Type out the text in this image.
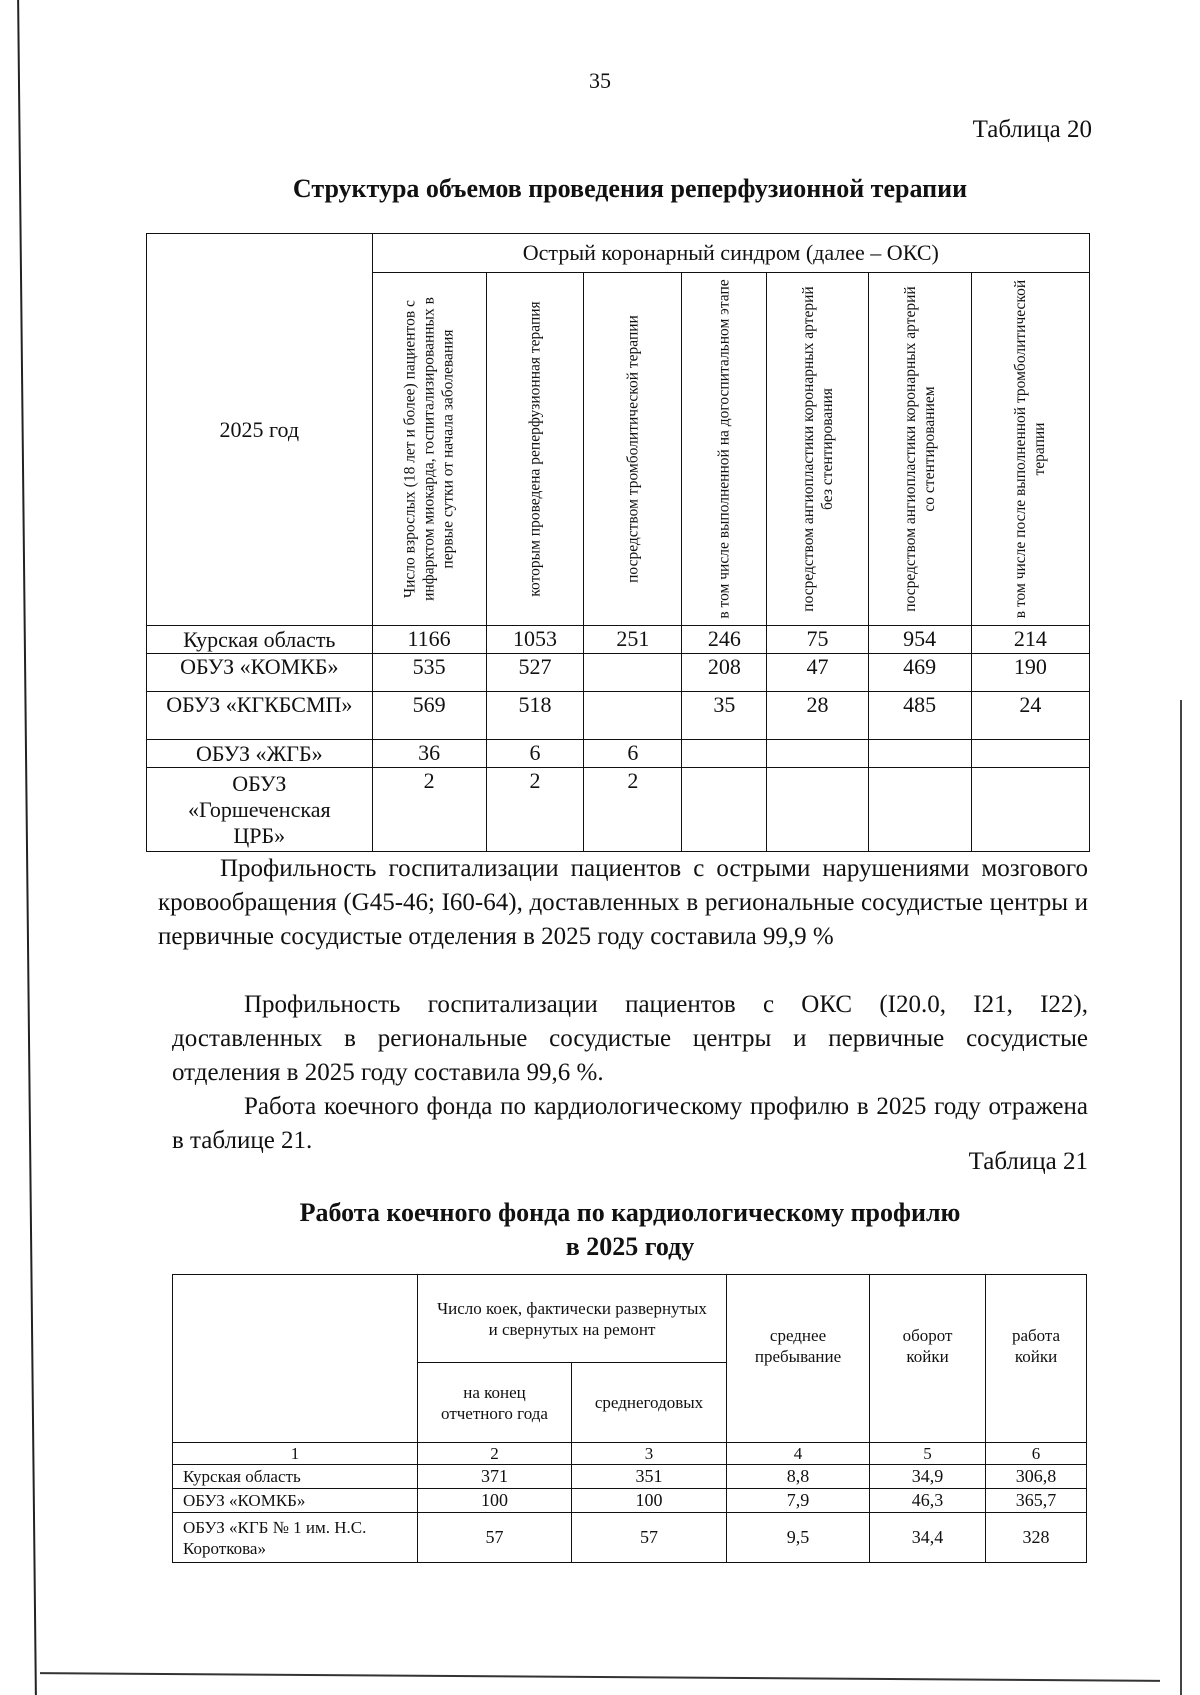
35
Таблица 20
Структура объемов проведения реперфузионной терапии
2025 год	Острый коронарный синдром (далее – ОКС)						

	Число взрослых (18 лет и более) пациентов с инфарктом миокарда, госпитализированных в первые сутки от начала заболевания	которым проведена реперфузионная терапия	посредством тромболитической терапии	в том числе выполненной на догоспитальном этапе	посредством ангиопластики коронарных артерий без стентирования	посредством ангиопластики коронарных артерий со стентированием	в том числе после выполненной тромболитической терапии

Курская область	1166	1053	251	246	75	954	214
ОБУЗ «КОМКБ»	535	527		208	47	469	190
ОБУЗ «КГКБСМП»	569	518		35	28	485	24
ОБУЗ «ЖГБ»	36	6	6				
ОБУЗ «Горшеченская ЦРБ»	2	2	2				
Профильность госпитализации пациентов с острыми нарушениями мозгового кровообращения (G45-46; I60-64), доставленных в региональные сосудистые центры и первичные сосудистые отделения в 2025 году составила 99,9 %
Профильность госпитализации пациентов с ОКС (I20.0, I21, I22), доставленных в региональные сосудистые центры и первичные сосудистые отделения в 2025 году составила 99,6 %.
Работа коечного фонда по кардиологическому профилю в 2025 году отражена в таблице 21.
Таблица 21
Работа коечного фонда по кардиологическому профилю
в 2025 году
	Число коек, фактически развернутых и свернутых на ремонт		среднее пребывание	оборот койки	работа койки
	на конец отчетного года	среднегодовых			
1	2	3	4	5	6
Курская область	371	351	8,8	34,9	306,8
ОБУЗ «КОМКБ»	100	100	7,9	46,3	365,7
ОБУЗ «КГБ № 1 им. Н.С. Короткова»	57	57	9,5	34,4	328
